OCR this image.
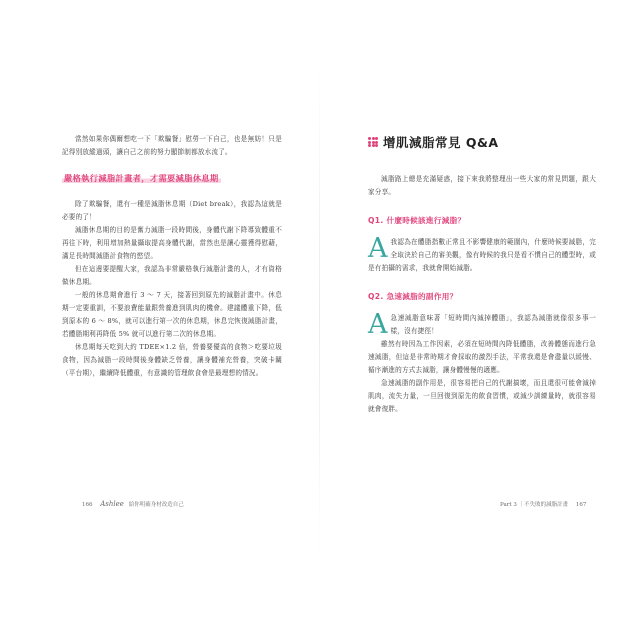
當然如果你偶爾想吃一下「欺騙餐」慰勞一下自己，也是無妨！只是記得別放縱過頭，讓自己之前的努力顯節制都放水流了。

嚴格執行減脂計畫者，才需要減脂休息期

除了欺騙餐，還有一種是減脂休息期（Diet break），我認為這就是必要的了！

減脂休息期的目的是奮力減脂一段時間後，身體代謝下降導致體重不再往下時，利用增加熱量攝取提高身體代謝，當然也是讓心靈獲得慰藉，滿足長時間減脂計食物的慾望。

但在這邊要提醒大家，我認為非常嚴格執行減脂計畫的人，才有資格做休息期。

一般的休息期會進行 3 ～ 7 天，接著回到原先的減脂計畫中。休息期一定要重訓，不要浪費能量跟營養進到肌肉的機會。建議體重下降，低到原本的 6 ～ 8%，就可以進行第一次的休息期，休息完恢復減脂計畫，若體脂期利再降低 5% 就可以進行第二次的休息期。

休息期每天吃到大約 TDEE×1.2 倍，營養要優高的食物＞吃要垃圾食物，因為減脂一段時間後身體缺乏營養，讓身體補充營養，突破卡關（平台期），繼續降低體重，有意識的管理飲食會是最理想的情況。

166 Ashlee 給你明確身材改造自己
增肌減脂常見 Q&A

減脂路上總是充滿疑惑，接下來我將整理出一些大家的常見問題，跟大家分享。

Q1. 什麼時候該進行減脂？
A 我認為在體脂指數正常且不影響健康的範圍內，什麼時候要減脂，完全取決於自己的審美觀，像有時候的我只是看不慣自己的體型時，或是有拍攝的需求，我就會開始減脂。

Q2. 急速減脂的副作用？
A 急速減脂意味著「短時間內減掉體脂」，我認為減脂就像很多事一樣，沒有捷徑！

雖然有時因為工作因素，必須在短時間內降低體脂，改善體態而進行急速減脂，但這是非常時期才會採取的激烈手法，平常我還是會盡量以緩慢、循序漸進的方式去減脂，讓身體慢慢的適應。

急速減脂的副作用是，很容易把自己的代謝搞壞，而且還很可能會減掉肌肉，流失力量，一旦回復到原先的飲食習慣，或減少訓練量時，就很容易就會復胖。

Part 3 ｜不失敗的減脂計畫 167
